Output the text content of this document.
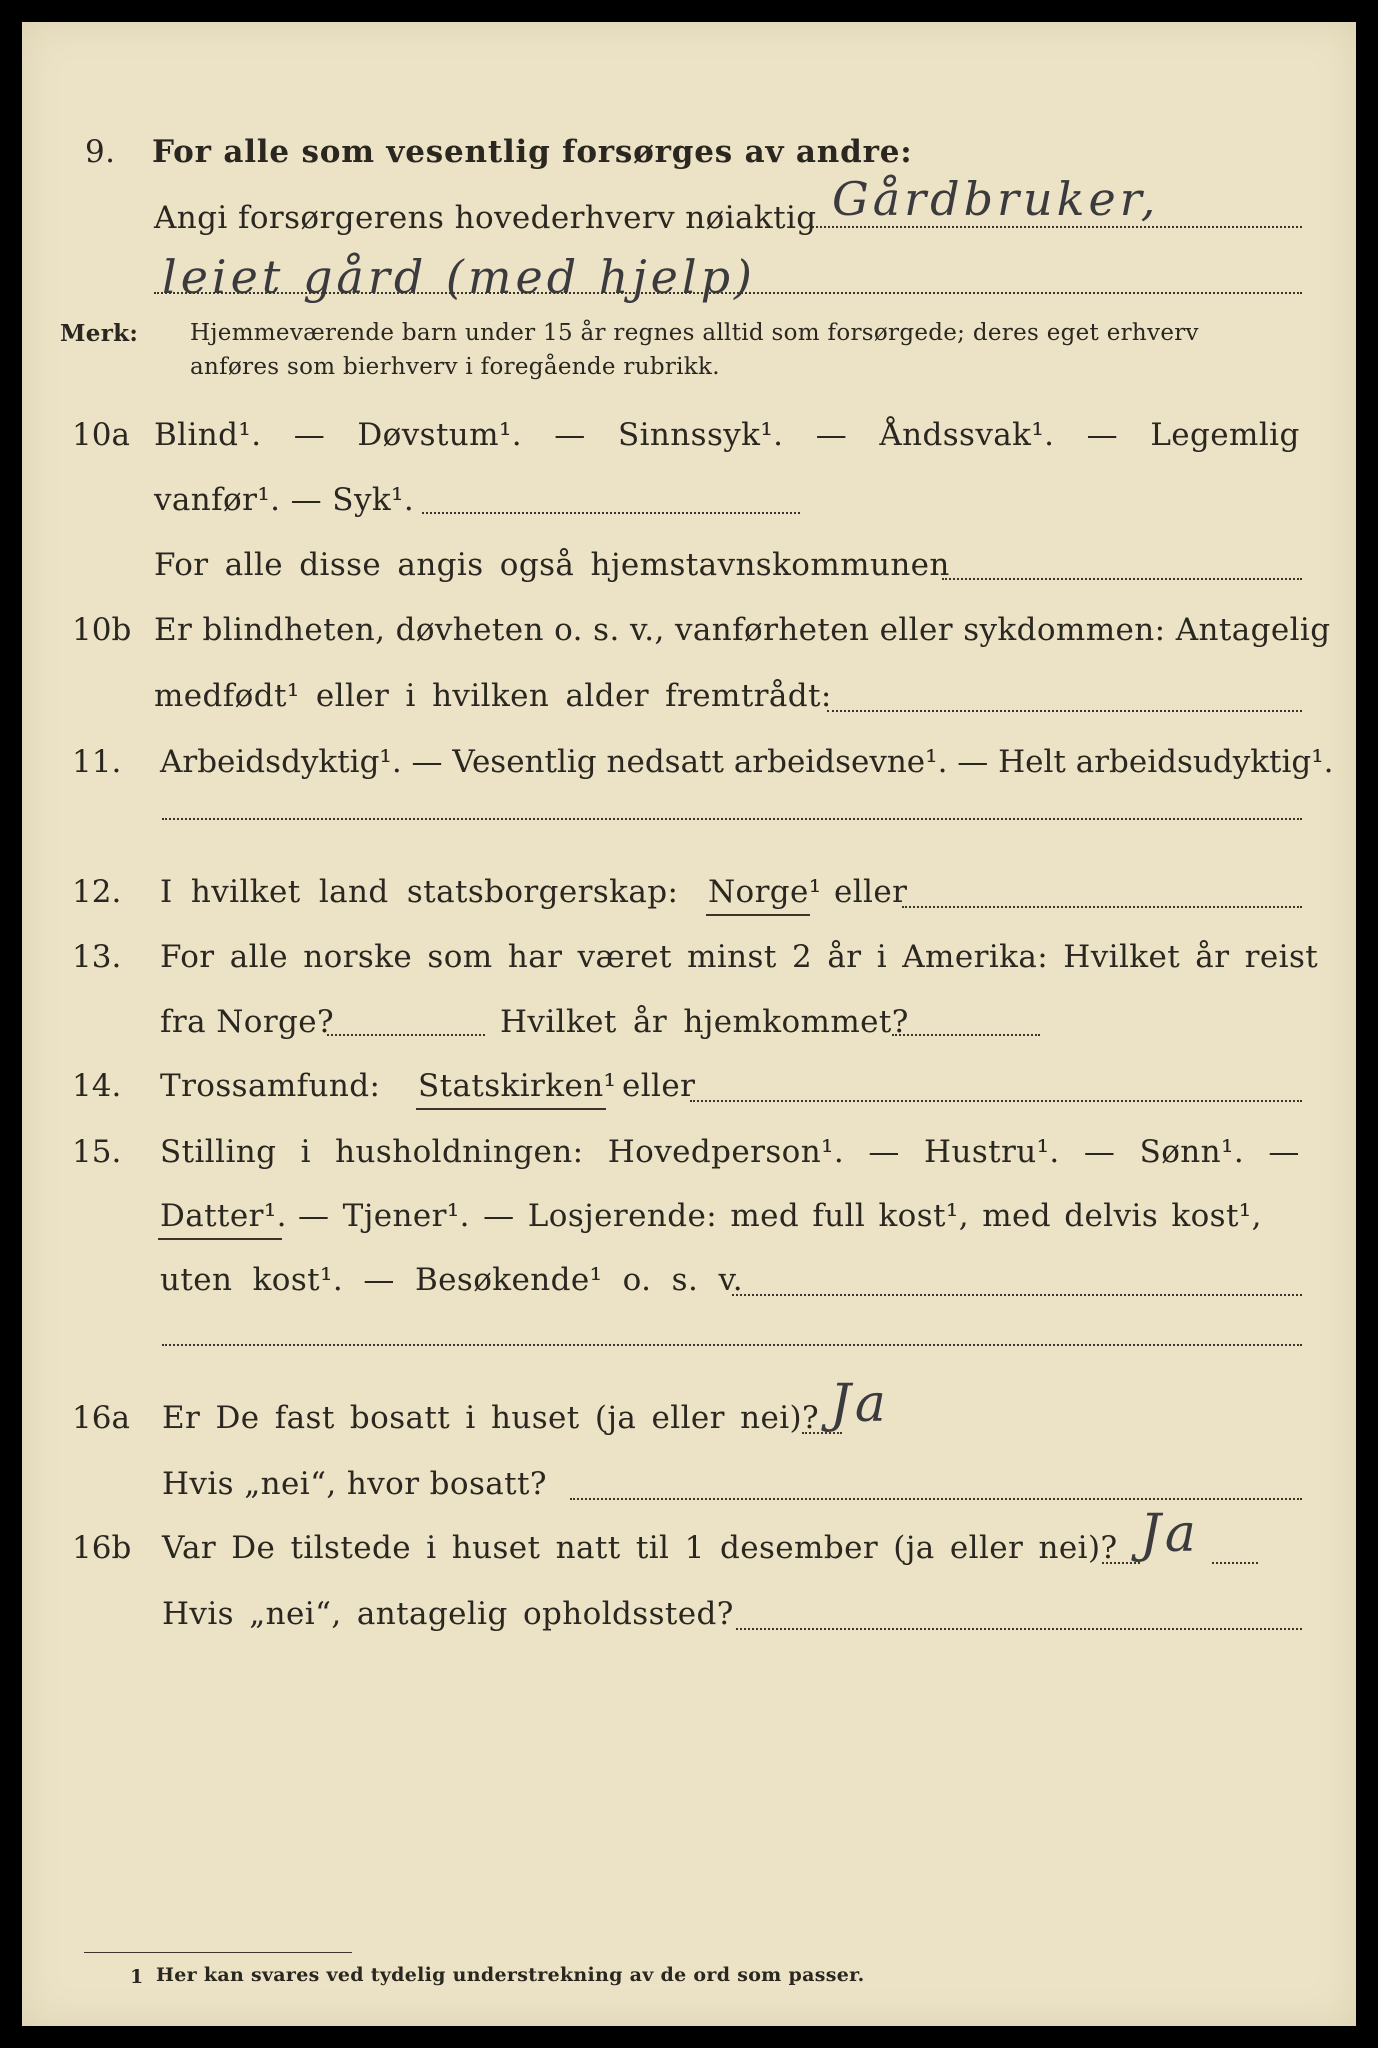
9. For alle som vesentlig forsørges av andre:
Angi forsørgerens hovederhverv nøiaktig Gårdbruker,
leiet gård (med hjelp)
Merk: Hjemmeværende barn under 15 år regnes alltid som forsørgede; deres eget erhverv
anføres som bierhverv i foregående rubrikk.
10a Blind¹. — Døvstum¹. — Sinnssyk¹. — Åndssvak¹. — Legemlig
vanfør¹. — Syk¹.
For alle disse angis også hjemstavnskommunen
10b Er blindheten, døvheten o. s. v., vanførheten eller sykdommen: Antagelig
medfødt¹ eller i hvilken alder fremtrådt:
11. Arbeidsdyktig¹. — Vesentlig nedsatt arbeidsevne¹. — Helt arbeidsudyktig¹.
12. I hvilket land statsborgerskap: Norge¹ eller
13. For alle norske som har været minst 2 år i Amerika: Hvilket år reist
fra Norge?	Hvilket år hjemkommet?
14. Trossamfund: Statskirken¹ eller
15. Stilling i husholdningen: Hovedperson¹. — Hustru¹. — Sønn¹. —
Datter¹. — Tjener¹. — Losjerende: med full kost¹, med delvis kost¹,
uten kost¹. — Besøkende¹ o. s. v.
16a Er De fast bosatt i huset (ja eller nei)? Ja
Hvis „nei“, hvor bosatt?
16b Var De tilstede i huset natt til 1 desember (ja eller nei)? Ja
Hvis „nei“, antagelig opholdssted?
1 Her kan svares ved tydelig understrekning av de ord som passer.
